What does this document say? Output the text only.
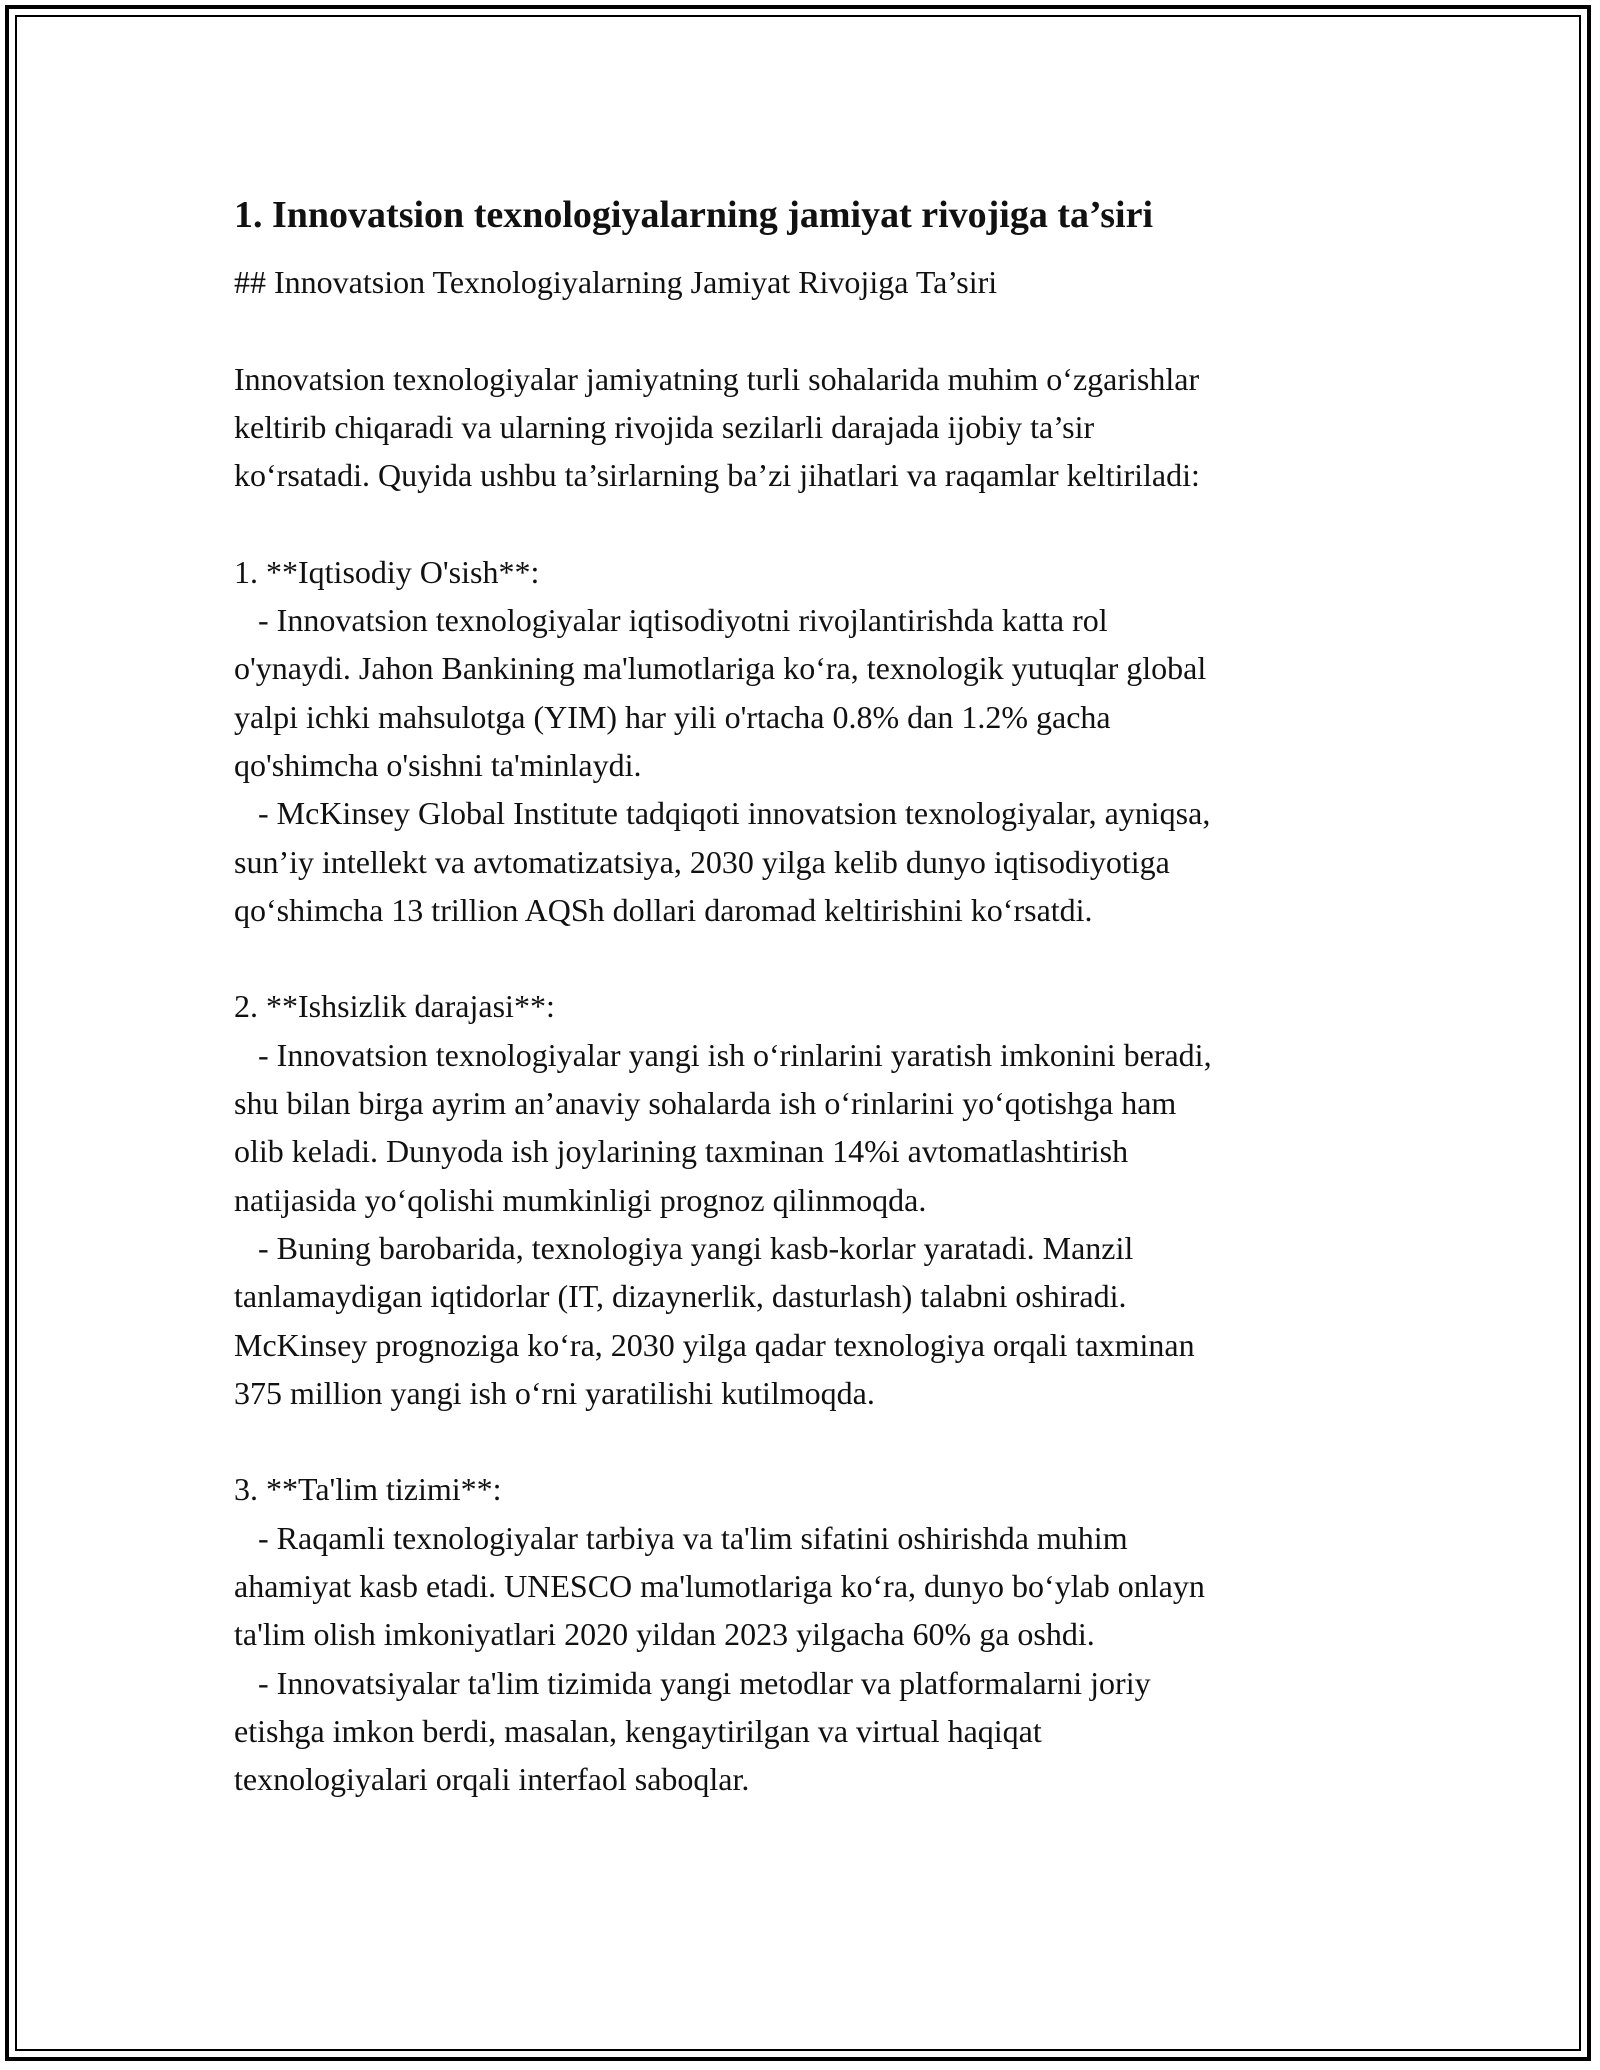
1. Innovatsion texnologiyalarning jamiyat rivojiga ta’siri

## Innovatsion Texnologiyalarning Jamiyat Rivojiga Ta’siri

Innovatsion texnologiyalar jamiyatning turli sohalarida muhim o‘zgarishlar

keltirib chiqaradi va ularning rivojida sezilarli darajada ijobiy ta’sir

ko‘rsatadi. Quyida ushbu ta’sirlarning ba’zi jihatlari va raqamlar keltiriladi:

1. **Iqtisodiy O'sish**:

- Innovatsion texnologiyalar iqtisodiyotni rivojlantirishda katta rol

o'ynaydi. Jahon Bankining ma'lumotlariga ko‘ra, texnologik yutuqlar global

yalpi ichki mahsulotga (YIM) har yili o'rtacha 0.8% dan 1.2% gacha

qo'shimcha o'sishni ta'minlaydi.

- McKinsey Global Institute tadqiqoti innovatsion texnologiyalar, ayniqsa,

sun’iy intellekt va avtomatizatsiya, 2030 yilga kelib dunyo iqtisodiyotiga

qo‘shimcha 13 trillion AQSh dollari daromad keltirishini ko‘rsatdi.

2. **Ishsizlik darajasi**:

- Innovatsion texnologiyalar yangi ish o‘rinlarini yaratish imkonini beradi,

shu bilan birga ayrim an’anaviy sohalarda ish o‘rinlarini yo‘qotishga ham

olib keladi. Dunyoda ish joylarining taxminan 14%i avtomatlashtirish

natijasida yo‘qolishi mumkinligi prognoz qilinmoqda.

- Buning barobarida, texnologiya yangi kasb-korlar yaratadi. Manzil

tanlamaydigan iqtidorlar (IT, dizaynerlik, dasturlash) talabni oshiradi.

McKinsey prognoziga ko‘ra, 2030 yilga qadar texnologiya orqali taxminan

375 million yangi ish o‘rni yaratilishi kutilmoqda.

3. **Ta'lim tizimi**:

- Raqamli texnologiyalar tarbiya va ta'lim sifatini oshirishda muhim

ahamiyat kasb etadi. UNESCO ma'lumotlariga ko‘ra, dunyo bo‘ylab onlayn

ta'lim olish imkoniyatlari 2020 yildan 2023 yilgacha 60% ga oshdi.

- Innovatsiyalar ta'lim tizimida yangi metodlar va platformalarni joriy

etishga imkon berdi, masalan, kengaytirilgan va virtual haqiqat

texnologiyalari orqali interfaol saboqlar.
